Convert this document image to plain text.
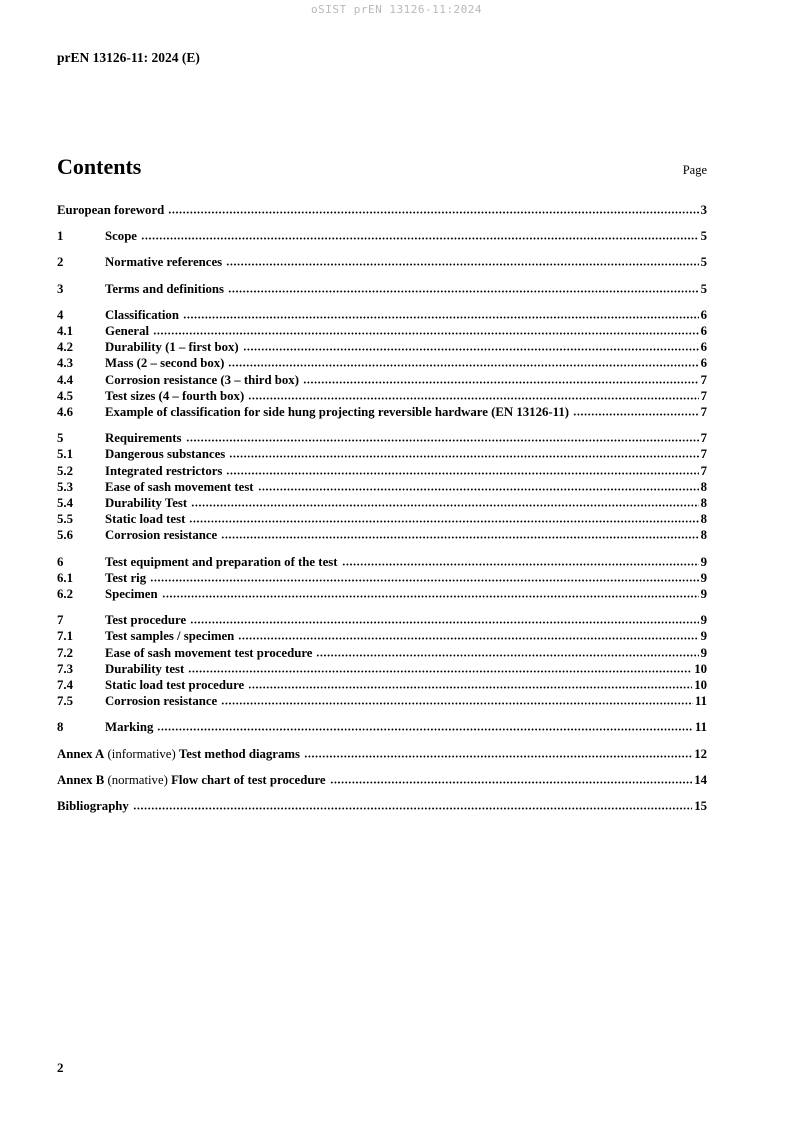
oSIST prEN 13126-11:2024
prEN 13126-11: 2024 (E)
Contents	Page
European foreword	3
1	Scope	5
2	Normative references	5
3	Terms and definitions	5
4	Classification	6
4.1	General	6
4.2	Durability (1 – first box)	6
4.3	Mass (2 – second box)	6
4.4	Corrosion resistance (3 – third box)	7
4.5	Test sizes (4 – fourth box)	7
4.6	Example of classification for side hung projecting reversible hardware (EN 13126-11)	7
5	Requirements	7
5.1	Dangerous substances	7
5.2	Integrated restrictors	7
5.3	Ease of sash movement test	8
5.4	Durability Test	8
5.5	Static load test	8
5.6	Corrosion resistance	8
6	Test equipment and preparation of the test	9
6.1	Test rig	9
6.2	Specimen	9
7	Test procedure	9
7.1	Test samples / specimen	9
7.2	Ease of sash movement test procedure	9
7.3	Durability test	10
7.4	Static load test procedure	10
7.5	Corrosion resistance	11
8	Marking	11
Annex A (informative) Test method diagrams	12
Annex B (normative) Flow chart of test procedure	14
Bibliography	15
2
